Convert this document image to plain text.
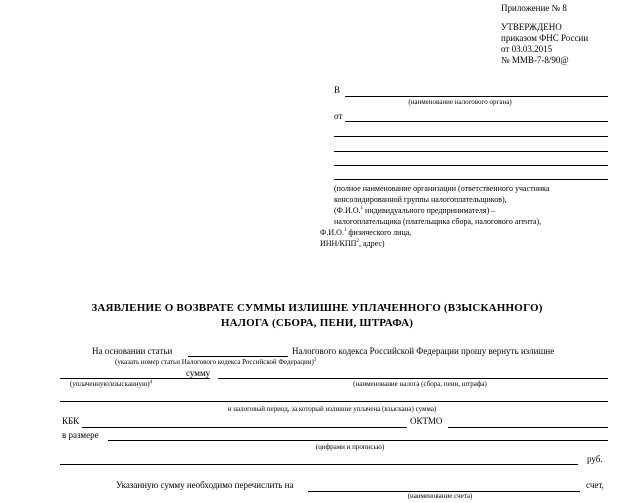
Приложение № 8
УТВЕРЖДЕНО
приказом ФНС России
от 03.03.2015
№ ММВ-7-8/90@
В
(наименование налогового органа)
от
(полное наименование организации (ответственного участника
консолидированной группы налогоплательщиков),
(Ф.И.О.$^1$ индивидуального предпринимателя) –
налогоплательщика (плательщика сбора, налогового агента),
Ф.И.О.$^1$ физического лица,
ИНН/КПП$^2$, адрес)
ЗАЯВЛЕНИЕ О ВОЗВРАТЕ СУММЫ ИЗЛИШНЕ УПЛАЧЕННОГО (ВЗЫСКАННОГО)
НАЛОГА (СБОРА, ПЕНИ, ШТРАФА)
На основании статьи	Налогового кодекса Российской Федерации прошу вернуть излишне
(указать номер статьи Налогового кодекса Российской Федерации)$^3$
сумму
(уплаченную/взысканную)$^4$	(наименование налога (сбора, пени, штрафа)
и налоговый период, за который излишне уплачена (взыскана) сумма)
КБК	ОКТМО
в размере
(цифрами и прописью)
руб.
Указанную сумму необходимо перечислить на	счет,
(наименование счета)
